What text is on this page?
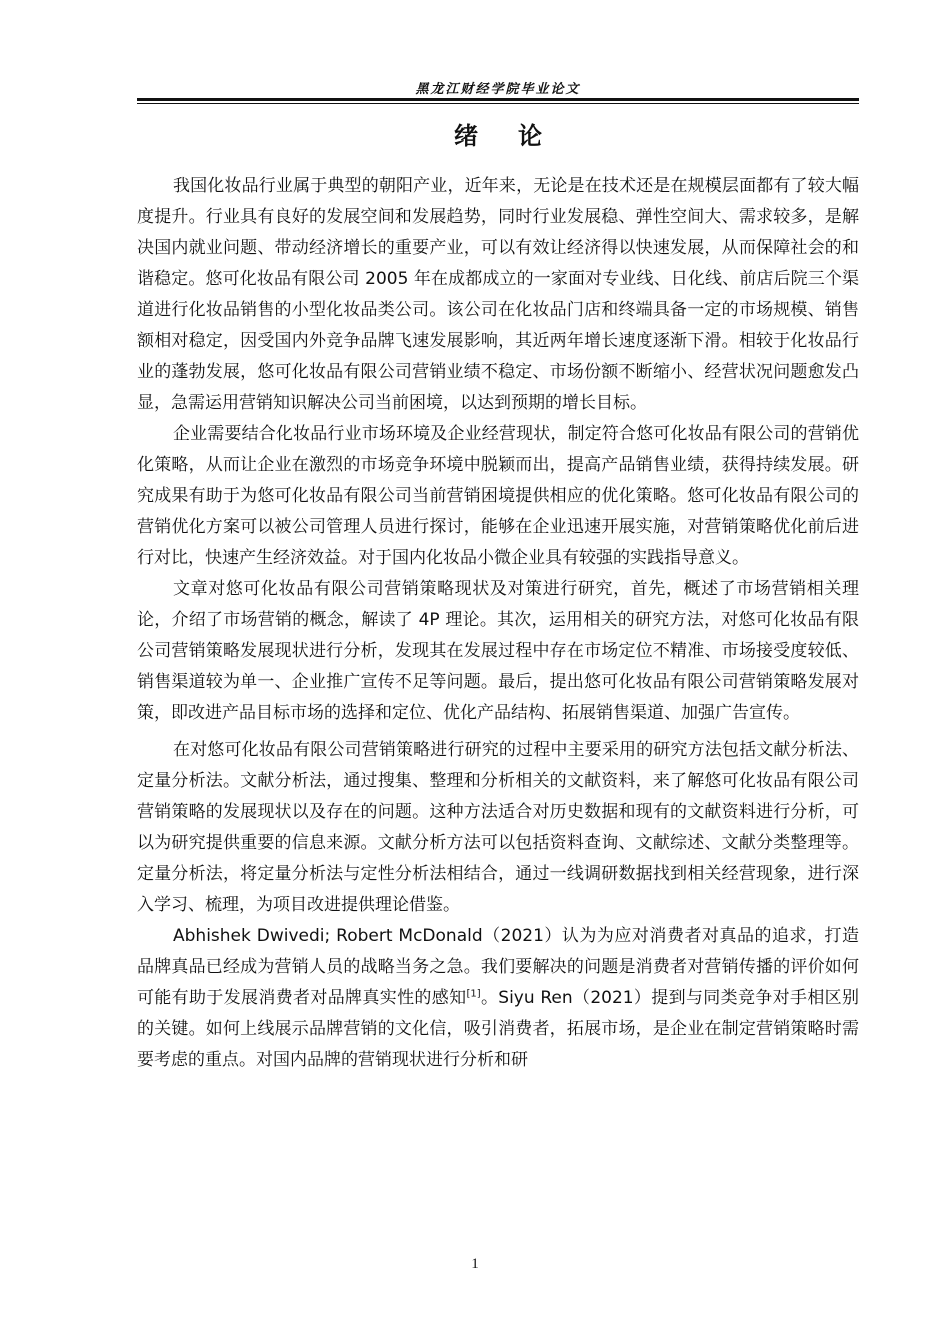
黑龙江财经学院毕业论文
绪论

我国化妆品行业属于典型的朝阳产业，近年来，无论是在技术还是在规模层面都有了较大幅度提升。行业具有良好的发展空间和发展趋势，同时行业发展稳、弹性空间大、需求较多，是解决国内就业问题、带动经济增长的重要产业，可以有效让经济得以快速发展，从而保障社会的和谐稳定。悠可化妆品有限公司 2005 年在成都成立的一家面对专业线、日化线、前店后院三个渠道进行化妆品销售的小型化妆品类公司。该公司在化妆品门店和终端具备一定的市场规模、销售额相对稳定，因受国内外竞争品牌飞速发展影响，其近两年增长速度逐渐下滑。相较于化妆品行业的蓬勃发展，悠可化妆品有限公司营销业绩不稳定、市场份额不断缩小、经营状况问题愈发凸显，急需运用营销知识解决公司当前困境，以达到预期的增长目标。

企业需要结合化妆品行业市场环境及企业经营现状，制定符合悠可化妆品有限公司的营销优化策略，从而让企业在激烈的市场竞争环境中脱颖而出，提高产品销售业绩，获得持续发展。研究成果有助于为悠可化妆品有限公司当前营销困境提供相应的优化策略。悠可化妆品有限公司的营销优化方案可以被公司管理人员进行探讨，能够在企业迅速开展实施，对营销策略优化前后进行对比，快速产生经济效益。对于国内化妆品小微企业具有较强的实践指导意义。

文章对悠可化妆品有限公司营销策略现状及对策进行研究，首先，概述了市场营销相关理论，介绍了市场营销的概念，解读了 4P 理论。其次，运用相关的研究方法，对悠可化妆品有限公司营销策略发展现状进行分析，发现其在发展过程中存在市场定位不精准、市场接受度较低、销售渠道较为单一、企业推广宣传不足等问题。最后，提出悠可化妆品有限公司营销策略发展对策，即改进产品目标市场的选择和定位、优化产品结构、拓展销售渠道、加强广告宣传。

在对悠可化妆品有限公司营销策略进行研究的过程中主要采用的研究方法包括文献分析法、定量分析法。文献分析法，通过搜集、整理和分析相关的文献资料，来了解悠可化妆品有限公司营销策略的发展现状以及存在的问题。这种方法适合对历史数据和现有的文献资料进行分析，可以为研究提供重要的信息来源。文献分析方法可以包括资料查询、文献综述、文献分类整理等。定量分析法，将定量分析法与定性分析法相结合，通过一线调研数据找到相关经营现象，进行深入学习、梳理，为项目改进提供理论借鉴。

Abhishek Dwivedi; Robert McDonald（2021）认为为应对消费者对真品的追求，打造品牌真品已经成为营销人员的战略当务之急。我们要解决的问题是消费者对营销传播的评价如何可能有助于发展消费者对品牌真实性的感知[1]。Siyu Ren（2021）提到与同类竞争对手相区别的关键。如何上线展示品牌营销的文化信，吸引消费者，拓展市场，是企业在制定营销策略时需要考虑的重点。对国内品牌的营销现状进行分析和研

1
